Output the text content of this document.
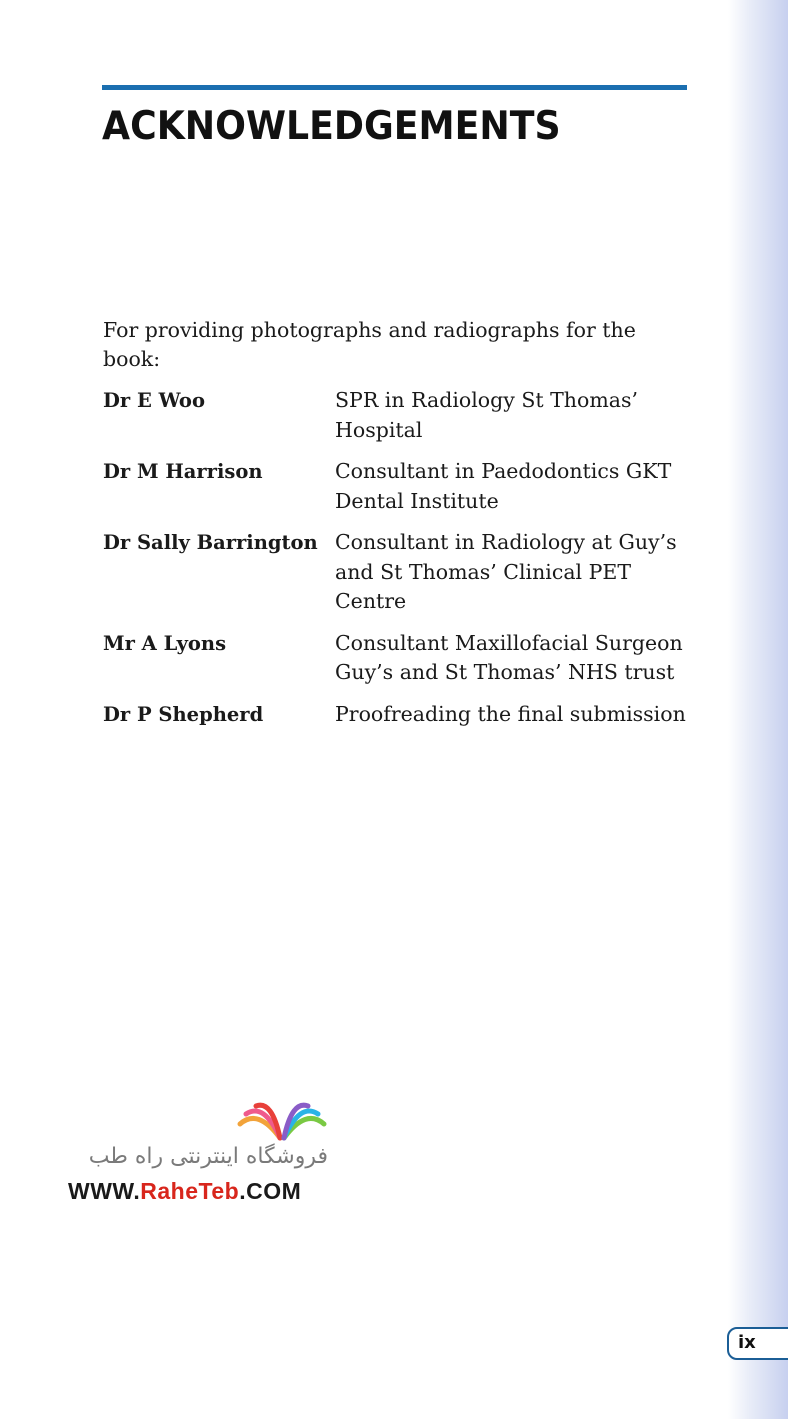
ACKNOWLEDGEMENTS

For providing photographs and radiographs for the book:

Dr E Woo	SPR in Radiology St Thomas’ Hospital
Dr M Harrison	Consultant in Paedodontics GKT Dental Institute
Dr Sally Barrington Consultant in Radiology at Guy’s and St Thomas’ Clinical PET Centre
Mr A Lyons	Consultant Maxillofacial Surgeon Guy’s and St Thomas’ NHS trust
Dr P Shepherd	Proofreading the final submission
فروشگاه اینترنتی راه طب
WWW.RaheTeb.COM
ix
